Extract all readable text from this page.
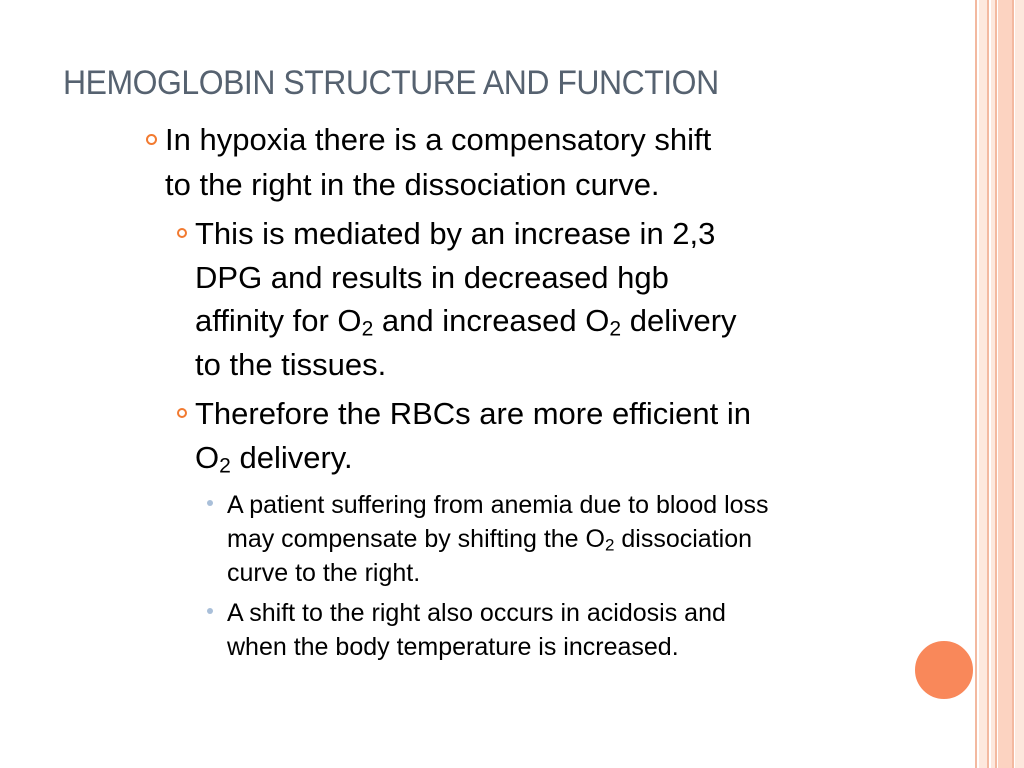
HEMOGLOBIN STRUCTURE AND FUNCTION
In hypoxia there is a compensatory shift
to the right in the dissociation curve.
This is mediated by an increase in 2,3
DPG and results in decreased hgb
affinity for $O_2$ and increased $O_2$ delivery
to the tissues.
Therefore the RBCs are more efficient in
$O_2$ delivery.
A patient suffering from anemia due to blood loss
may compensate by shifting the $O_2$ dissociation
curve to the right.
A shift to the right also occurs in acidosis and
when the body temperature is increased.
